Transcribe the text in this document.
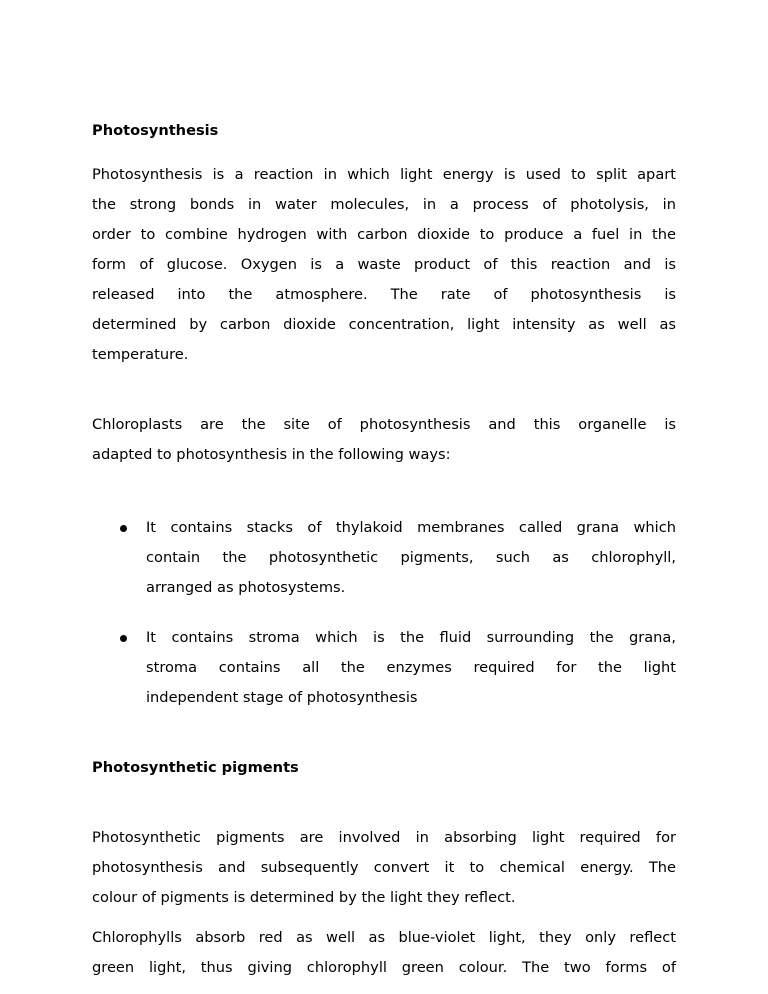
Photosynthesis
Photosynthesis is a reaction in which light energy is used to split apart
the strong bonds in water molecules, in a process of photolysis, in
order to combine hydrogen with carbon dioxide to produce a fuel in the
form of glucose. Oxygen is a waste product of this reaction and is
released into the atmosphere. The rate of photosynthesis is
determined by carbon dioxide concentration, light intensity as well as
temperature.
Chloroplasts are the site of photosynthesis and this organelle is
adapted to photosynthesis in the following ways:
It contains stacks of thylakoid membranes called grana which
contain the photosynthetic pigments, such as chlorophyll,
arranged as photosystems.
It contains stroma which is the fluid surrounding the grana,
stroma contains all the enzymes required for the light
independent stage of photosynthesis
Photosynthetic pigments
Photosynthetic pigments are involved in absorbing light required for
photosynthesis and subsequently convert it to chemical energy. The
colour of pigments is determined by the light they reflect.
Chlorophylls absorb red as well as blue-violet light, they only reflect
green light, thus giving chlorophyll green colour. The two forms of
